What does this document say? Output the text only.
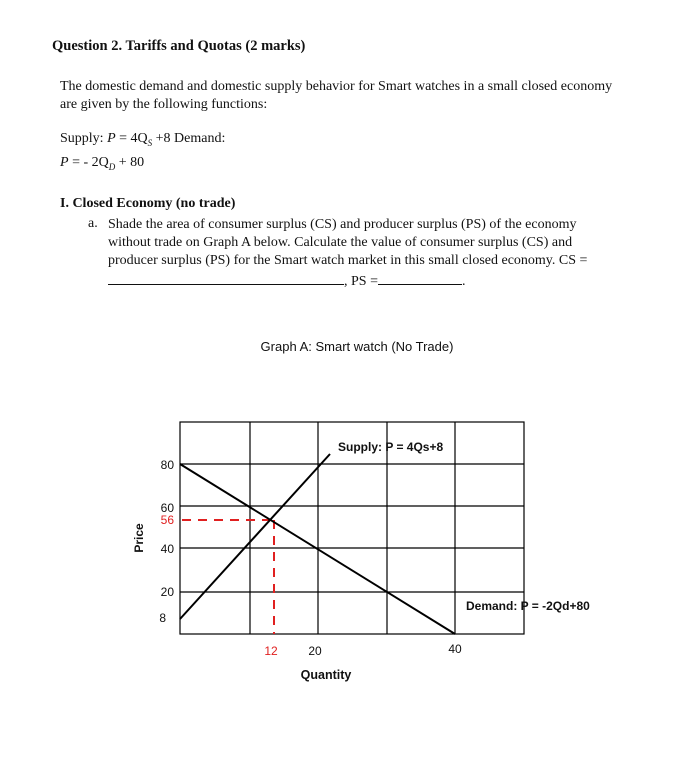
Question 2. Tariffs and Quotas (2 marks)
The domestic demand and domestic supply behavior for Smart watches in a small closed economy are given by the following functions:
Supply: $P = 4Q_S +8$ Demand:
P = - $2Q_D + 80$
I. Closed Economy (no trade)
a. Shade the area of consumer surplus (CS) and producer surplus (PS) of the economy without trade on Graph A below. Calculate the value of consumer surplus (CS) and producer surplus (PS) for the Smart watch market in this small closed economy. CS =
, PS =	.
Graph A: Smart watch (No Trade)
80
60
56
40
20
8
12	20	40
Quantity
Price
Supply: P = 4Qs+8
Demand: P = -2Qd+80
